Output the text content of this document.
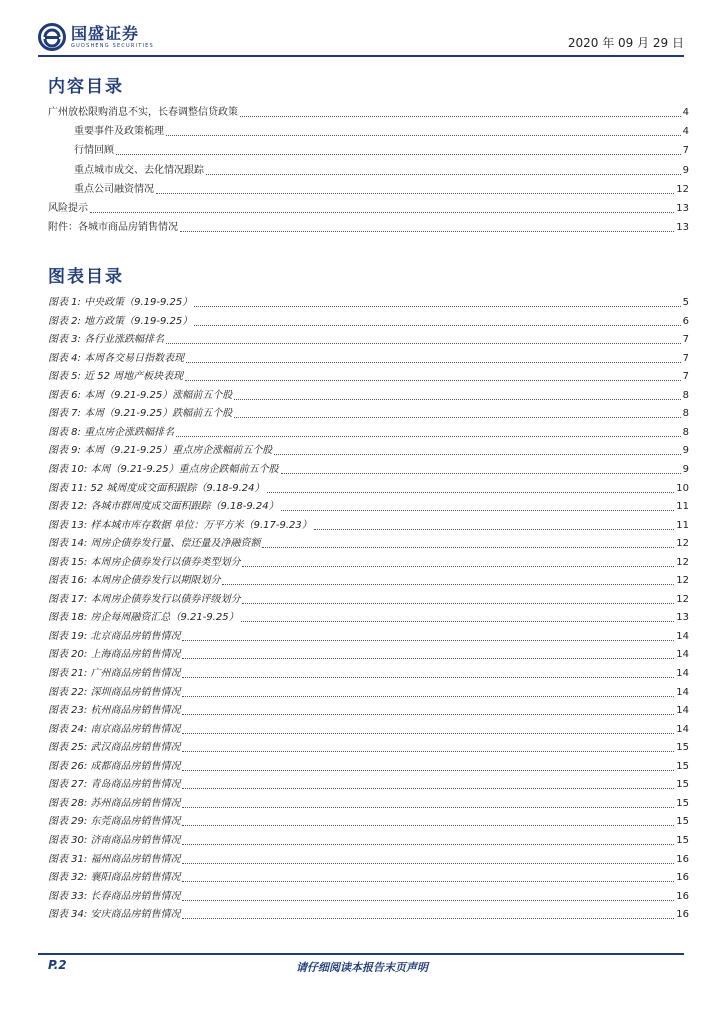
国盛证券
GUOSHENG SECURITIES	2020 年 09 月 29 日
内容目录
广州放松限购消息不实，长春调整信贷政策	4
重要事件及政策梳理	4
行情回顾	7
重点城市成交、去化情况跟踪	9
重点公司融资情况	12
风险提示	13
附件：各城市商品房销售情况	13
图表目录
图表 1: 中央政策（9.19-9.25）	5
图表 2: 地方政策（9.19-9.25）	6
图表 3: 各行业涨跌幅排名	7
图表 4: 本周各交易日指数表现	7
图表 5: 近 52 周地产板块表现	7
图表 6: 本周（9.21-9.25）涨幅前五个股	8
图表 7: 本周（9.21-9.25）跌幅前五个股	8
图表 8: 重点房企涨跌幅排名	8
图表 9: 本周（9.21-9.25）重点房企涨幅前五个股	9
图表 10: 本周（9.21-9.25）重点房企跌幅前五个股	9
图表 11: 52 城周度成交面积跟踪（9.18-9.24）	10
图表 12: 各城市群周度成交面积跟踪（9.18-9.24）	11
图表 13: 样本城市库存数据 单位：万平方米（9.17-9.23）	11
图表 14: 周房企债券发行量、偿还量及净融资额	12
图表 15: 本周房企债券发行以债券类型划分	12
图表 16: 本周房企债券发行以期限划分	12
图表 17: 本周房企债券发行以债券评级划分	12
图表 18: 房企每周融资汇总（9.21-9.25）	13
图表 19: 北京商品房销售情况	14
图表 20: 上海商品房销售情况	14
图表 21: 广州商品房销售情况	14
图表 22: 深圳商品房销售情况	14
图表 23: 杭州商品房销售情况	14
图表 24: 南京商品房销售情况	14
图表 25: 武汉商品房销售情况	15
图表 26: 成都商品房销售情况	15
图表 27: 青岛商品房销售情况	15
图表 28: 苏州商品房销售情况	15
图表 29: 东莞商品房销售情况	15
图表 30: 济南商品房销售情况	15
图表 31: 福州商品房销售情况	16
图表 32: 襄阳商品房销售情况	16
图表 33: 长春商品房销售情况	16
图表 34: 安庆商品房销售情况	16
P.2	请仔细阅读本报告末页声明
